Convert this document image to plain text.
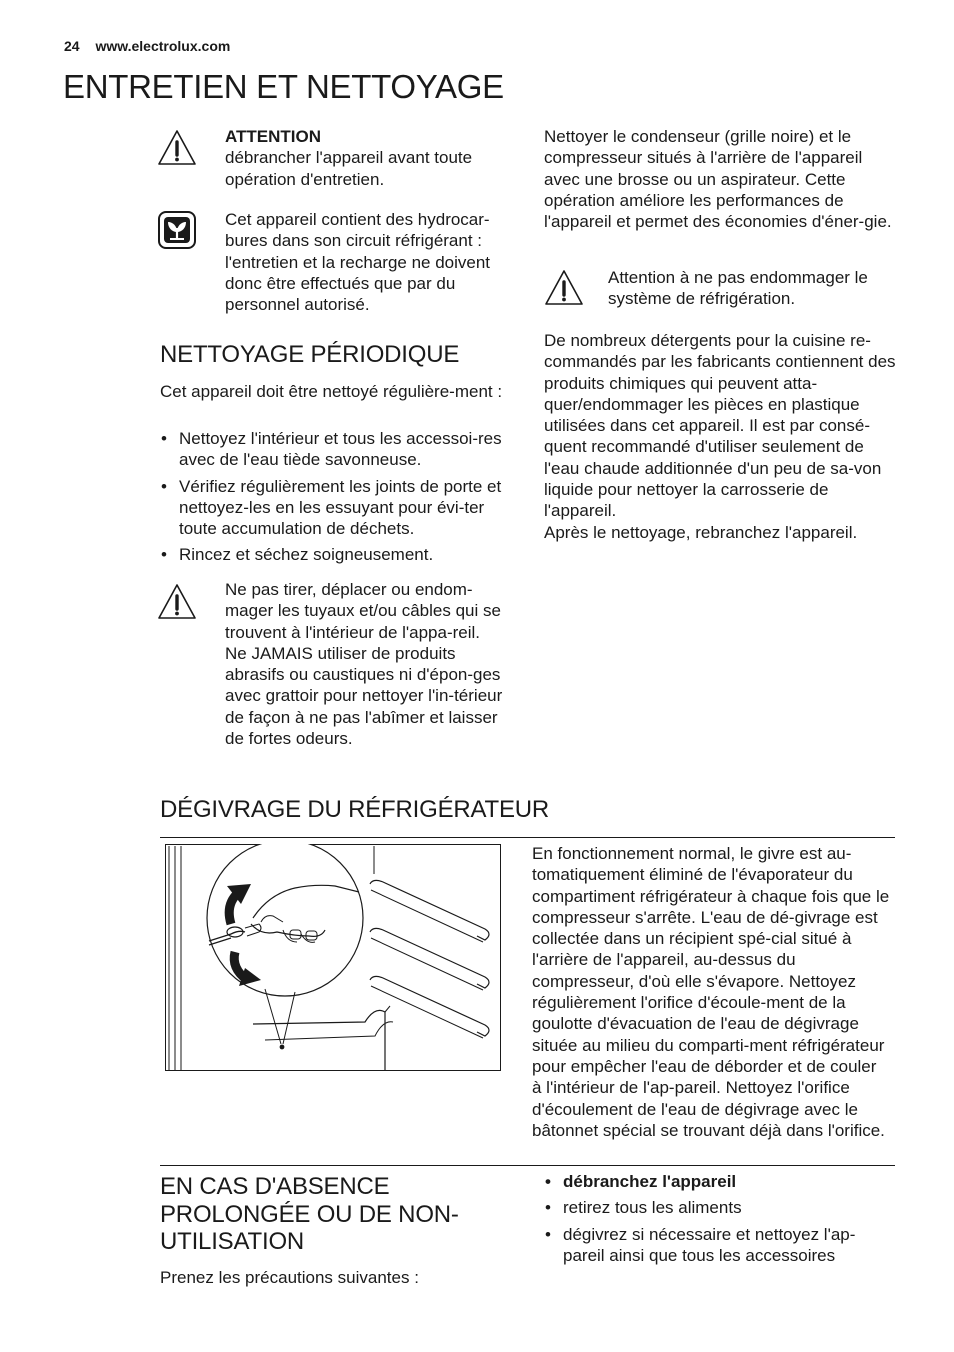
24 www.electrolux.com
ENTRETIEN ET NETTOYAGE

ATTENTION

débrancher l'appareil avant toute opération d'entretien.

Cet appareil contient des hydrocar-bures dans son circuit réfrigérant : l'entretien et la recharge ne doivent donc être effectués que par du personnel autorisé.

NETTOYAGE PÉRIODIQUE

Cet appareil doit être nettoyé régulière-ment :

• Nettoyez l'intérieur et tous les accessoi-res avec de l'eau tiède savonneuse.
• Vérifiez régulièrement les joints de porte et nettoyez-les en les essuyant pour évi-ter toute accumulation de déchets.
• Rincez et séchez soigneusement.

Ne pas tirer, déplacer ou endom-mager les tuyaux et/ou câbles qui se trouvent à l'intérieur de l'appa-reil.

Ne JAMAIS utiliser de produits abrasifs ou caustiques ni d'épon-ges avec grattoir pour nettoyer l'in-térieur de façon à ne pas l'abîmer et laisser de fortes odeurs.

Nettoyer le condenseur (grille noire) et le compresseur situés à l'arrière de l'appareil avec une brosse ou un aspirateur. Cette opération améliore les performances de l'appareil et permet des économies d'éner-gie.

Attention à ne pas endommager le système de réfrigération.

De nombreux détergents pour la cuisine re-commandés par les fabricants contiennent des produits chimiques qui peuvent atta-quer/endommager les pièces en plastique utilisées dans cet appareil. Il est par consé-quent recommandé d'utiliser seulement de l'eau chaude additionnée d'un peu de sa-von liquide pour nettoyer la carrosserie de l'appareil.

Après le nettoyage, rebranchez l'appareil.

DÉGIVRAGE DU RÉFRIGÉRATEUR

En fonctionnement normal, le givre est au-tomatiquement éliminé de l'évaporateur du compartiment réfrigérateur à chaque fois que le compresseur s'arrête. L'eau de dé-givrage est collectée dans un récipient spé-cial situé à l'arrière de l'appareil, au-dessus du compresseur, d'où elle s'évapore. Nettoyez régulièrement l'orifice d'écoule-ment de la goulotte d'évacuation de l'eau de dégivrage située au milieu du comparti-ment réfrigérateur pour empêcher l'eau de déborder et de couler à l'intérieur de l'ap-pareil. Nettoyez l'orifice d'écoulement de l'eau de dégivrage avec le bâtonnet spécial se trouvant déjà dans l'orifice.

EN CAS D'ABSENCE
PROLONGÉE OU DE NON-
UTILISATION

Prenez les précautions suivantes :

• débranchez l'appareil
• retirez tous les aliments
• dégivrez si nécessaire et nettoyez l'ap-pareil ainsi que tous les accessoires
